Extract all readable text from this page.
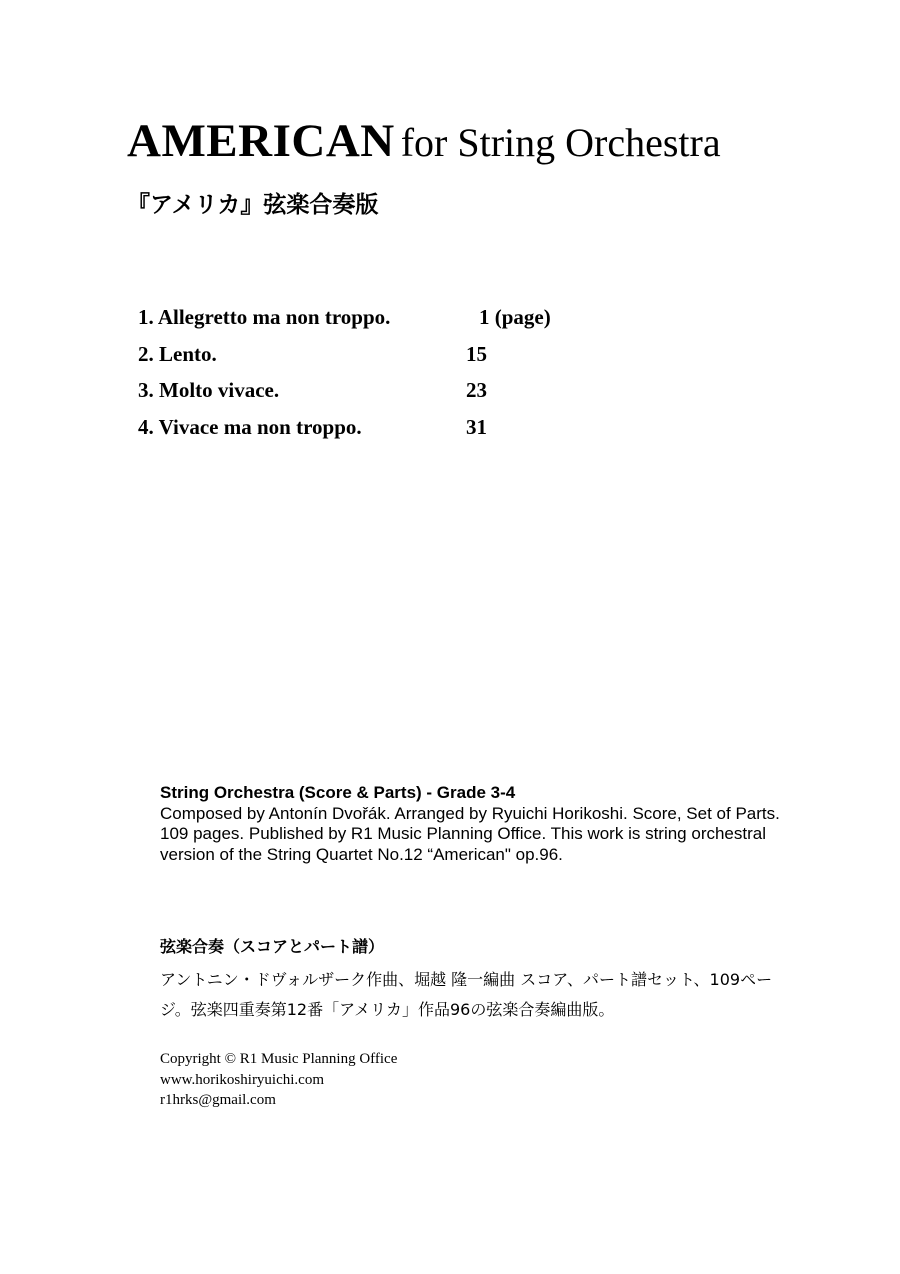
AMERICAN for String Orchestra
『アメリカ』弦楽合奏版
1. Allegretto ma non troppo.	1 (page)
2. Lento.	15
3. Molto vivace.	23
4. Vivace ma non troppo.	31

String Orchestra (Score & Parts) - Grade 3-4

Composed by Antonín Dvořák. Arranged by Ryuichi Horikoshi. Score, Set of Parts. 109 pages. Published by R1 Music Planning Office. This work is string orchestral version of the String Quartet No.12 “American" op.96.

弦楽合奏（スコアとパート譜）

アントニン・ドヴォルザーク作曲、堀越 隆一編曲 スコア、パート譜セット、109ページ。弦楽四重奏第12番「アメリカ」作品96の弦楽合奏編曲版。

Copyright © R1 Music Planning Office
www.horikoshiryuichi.com
r1hrks@gmail.com
